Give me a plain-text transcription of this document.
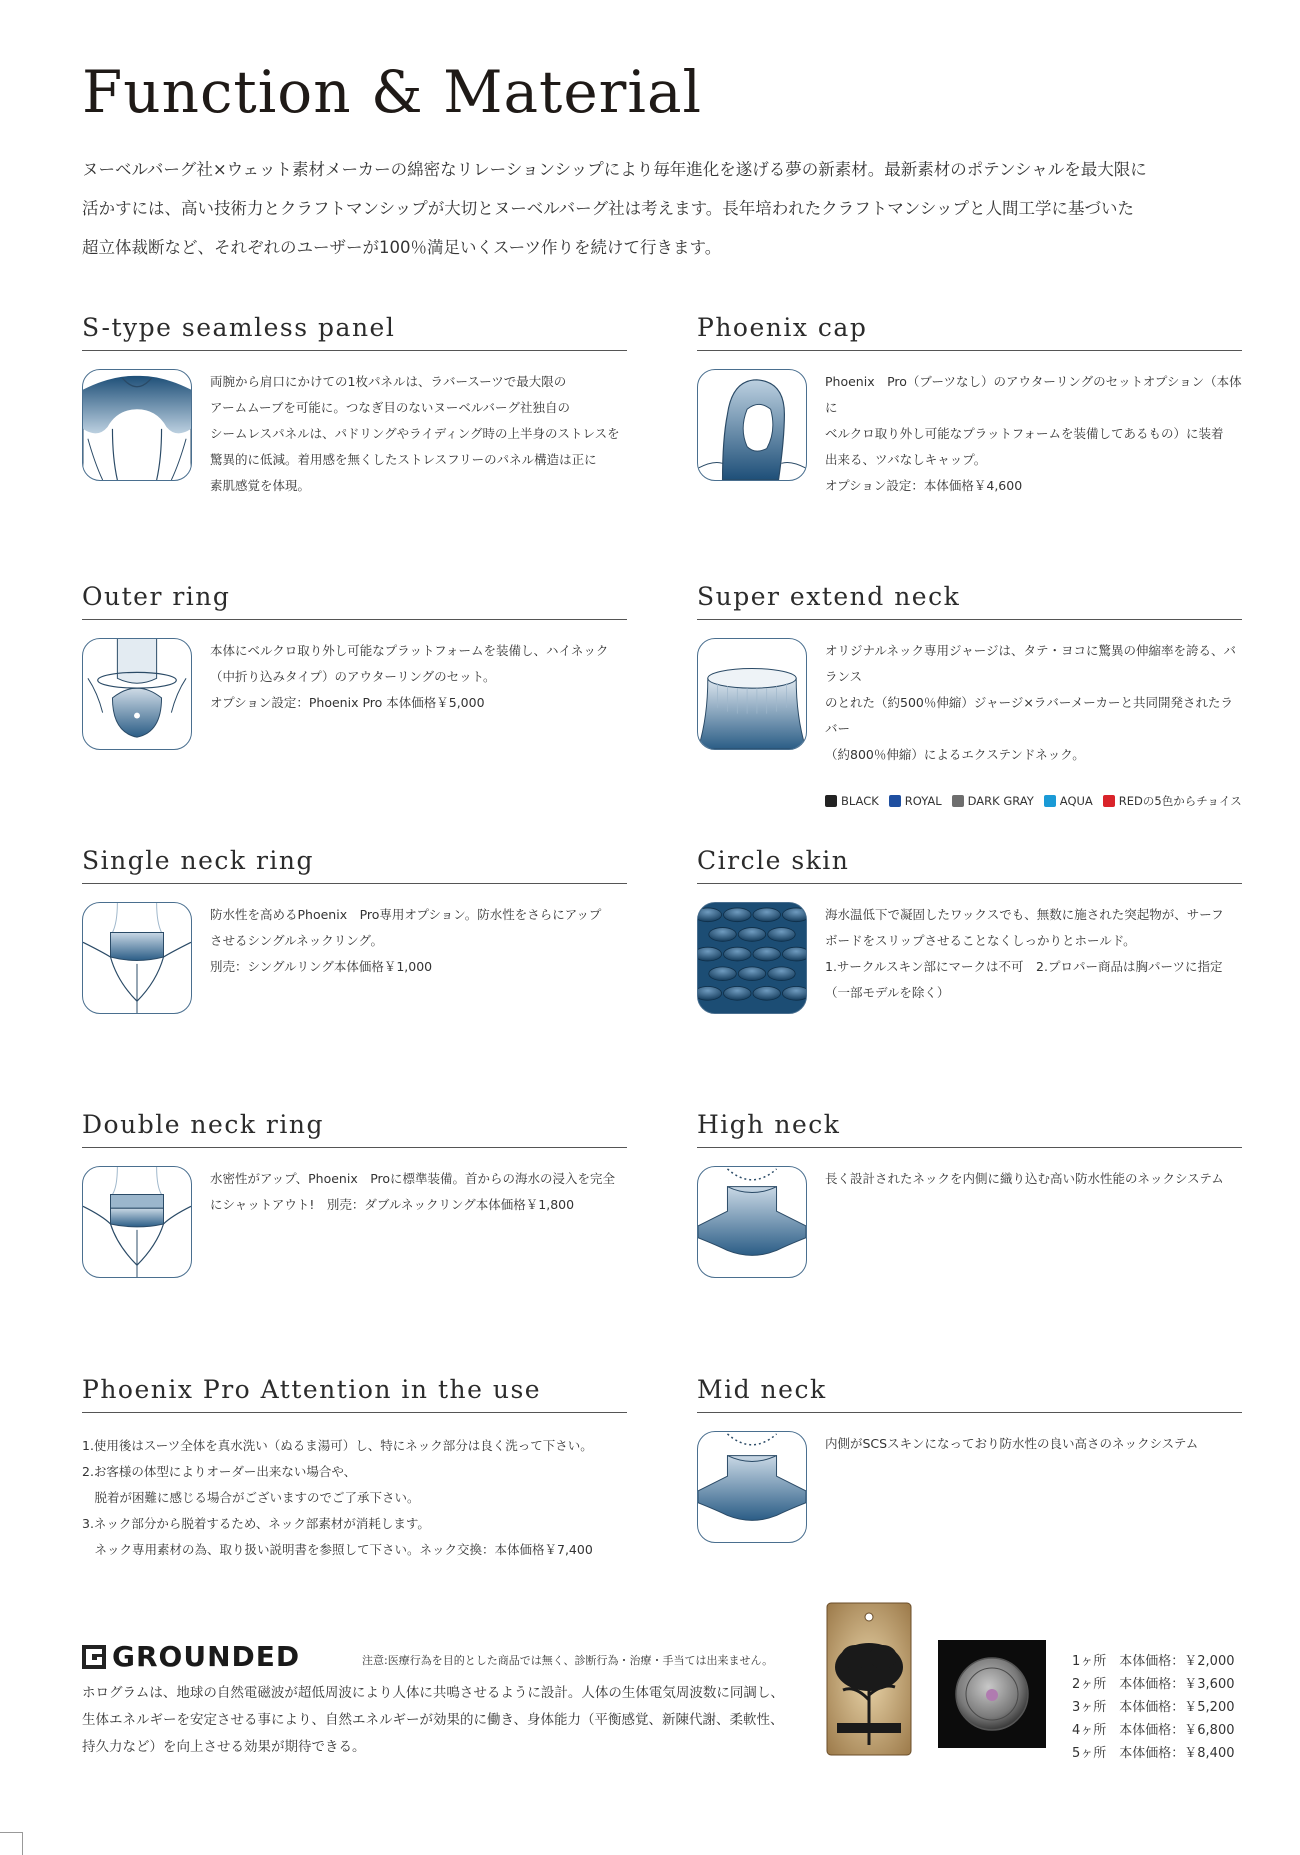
Function & Material
ヌーベルバーグ社×ウェット素材メーカーの綿密なリレーションシップにより毎年進化を遂げる夢の新素材。最新素材のポテンシャルを最大限に
活かすには、高い技術力とクラフトマンシップが大切とヌーベルバーグ社は考えます。長年培われたクラフトマンシップと人間工学に基づいた
超立体裁断など、それぞれのユーザーが100％満足いくスーツ作りを続けて行きます。
S-type seamless panel

両腕から肩口にかけての1枚パネルは、ラバースーツで最大限の

アームムーブを可能に。つなぎ目のないヌーベルバーグ社独自の

シームレスパネルは、パドリングやライディング時の上半身のストレスを

驚異的に低減。着用感を無くしたストレスフリーのパネル構造は正に

素肌感覚を体現。

Phoenix cap

Phoenix　Pro（ブーツなし）のアウターリングのセットオプション（本体に

ベルクロ取り外し可能なプラットフォームを装備してあるもの）に装着

出来る、ツバなしキャップ。

オプション設定：本体価格￥4,600

Outer ring

本体にベルクロ取り外し可能なプラットフォームを装備し、ハイネック

（中折り込みタイプ）のアウターリングのセット。

オプション設定：Phoenix Pro 本体価格￥5,000

Super extend neck

オリジナルネック専用ジャージは、タテ・ヨコに驚異の伸縮率を誇る、バランス

のとれた（約500％伸縮）ジャージ×ラバーメーカーと共同開発されたラバー

（約800％伸縮）によるエクステンドネック。

BLACK ROYAL DARK GRAY AQUA REDの5色からチョイス
Single neck ring

防水性を高めるPhoenix　Pro専用オプション。防水性をさらにアップ

させるシングルネックリング。

別売：シングルリング本体価格￥1,000

Circle skin

海水温低下で凝固したワックスでも、無数に施された突起物が、サーフ

ボードをスリップさせることなくしっかりとホールド。

1.サークルスキン部にマークは不可　2.プロパー商品は胸パーツに指定

（一部モデルを除く）

Double neck ring

水密性がアップ、Phoenix　Proに標準装備。首からの海水の浸入を完全

にシャットアウト!　別売：ダブルネックリング本体価格￥1,800

High neck

長く設計されたネックを内側に織り込む高い防水性能のネックシステム

Phoenix Pro Attention in the use

1.使用後はスーツ全体を真水洗い（ぬるま湯可）し、特にネック部分は良く洗って下さい。

2.お客様の体型によりオーダー出来ない場合や、

　脱着が困難に感じる場合がございますのでご了承下さい。

3.ネック部分から脱着するため、ネック部素材が消耗します。

　ネック専用素材の為、取り扱い説明書を参照して下さい。ネック交換：本体価格￥7,400

Mid neck

内側がSCSスキンになっており防水性の良い高さのネックシステム

GROUNDED	注意:医療行為を目的とした商品では無く、診断行為・治療・手当ては出来ません。

ホログラムは、地球の自然電磁波が超低周波により人体に共鳴させるように設計。人体の生体電気周波数に同調し、

生体エネルギーを安定させる事により、自然エネルギーが効果的に働き、身体能力（平衡感覚、新陳代謝、柔軟性、

持久力など）を向上させる効果が期待できる。

1ヶ所　本体価格：￥2,000
2ヶ所　本体価格：￥3,600
3ヶ所　本体価格：￥5,200
4ヶ所　本体価格：￥6,800
5ヶ所　本体価格：￥8,400
